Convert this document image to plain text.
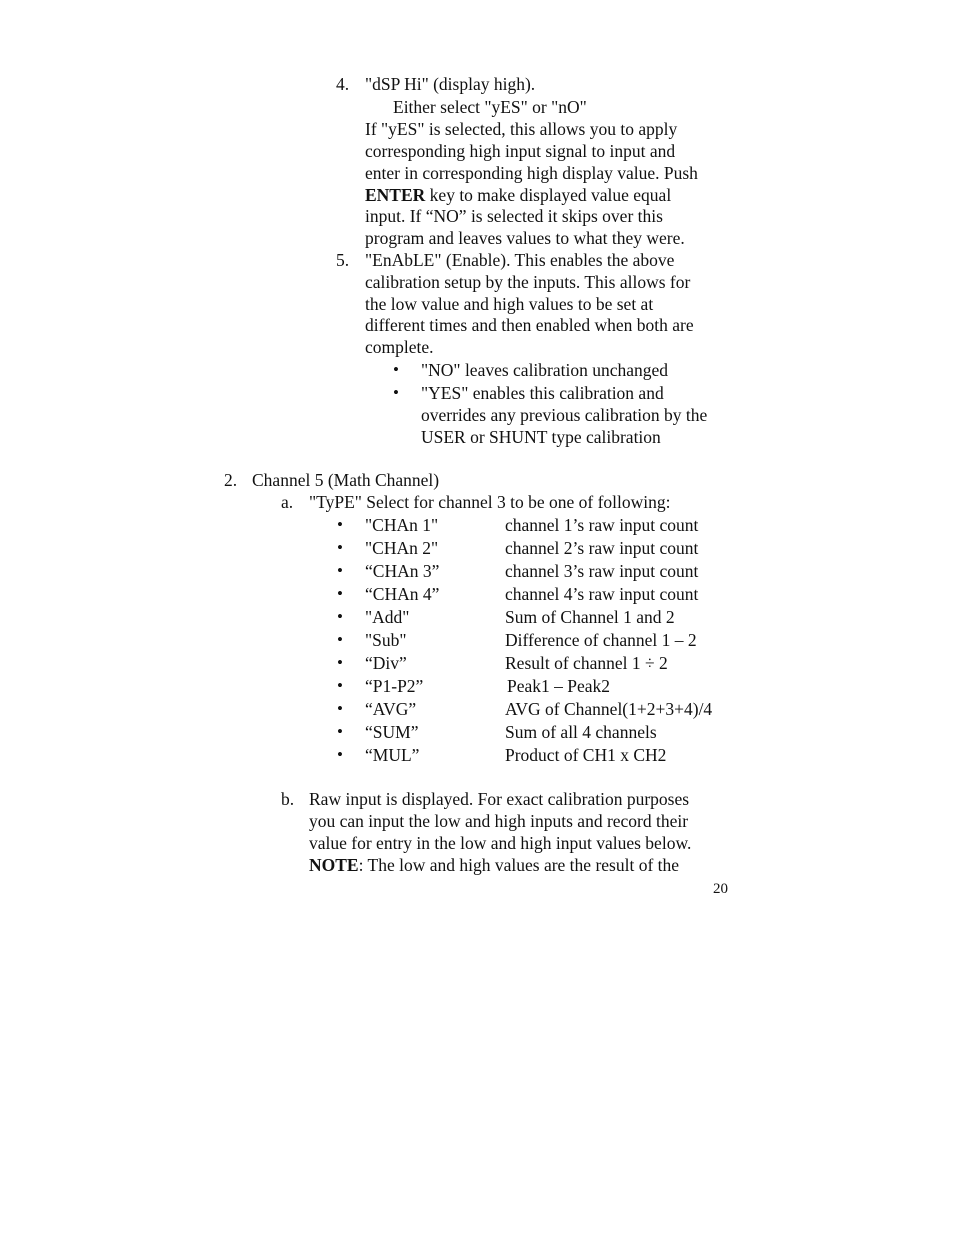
4. "dSP Hi" (display high).
Either select "yES" or "nO"
If "yES" is selected, this allows you to apply
corresponding high input signal to input and
enter in corresponding high display value. Push
ENTER key to make displayed value equal
input. If “NO” is selected it skips over this
program and leaves values to what they were.
5. "EnAbLE" (Enable). This enables the above
calibration setup by the inputs. This allows for
the low value and high values to be set at
different times and then enabled when both are
complete.
•
"NO" leaves calibration unchanged
•
"YES" enables this calibration and
overrides any previous calibration by the
USER or SHUNT type calibration
2. Channel 5 (Math Channel)
a. "TyPE" Select for channel 3 to be one of following:
•
"CHAn 1"	channel 1’s raw input count
•
"CHAn 2"	channel 2’s raw input count
•
“CHAn 3”	channel 3’s raw input count
•
“CHAn 4”	channel 4’s raw input count
•
"Add"	Sum of Channel 1 and 2
•
"Sub"	Difference of channel 1 – 2
•
“Div”	Result of channel 1 ÷ 2
•
“P1-P2”	Peak1 – Peak2
•
“AVG”	AVG of Channel(1+2+3+4)/4
•
“SUM”	Sum of all 4 channels
•
“MUL”	Product of CH1 x CH2
b. Raw input is displayed. For exact calibration purposes
you can input the low and high inputs and record their
value for entry in the low and high input values below.
NOTE: The low and high values are the result of the
20
